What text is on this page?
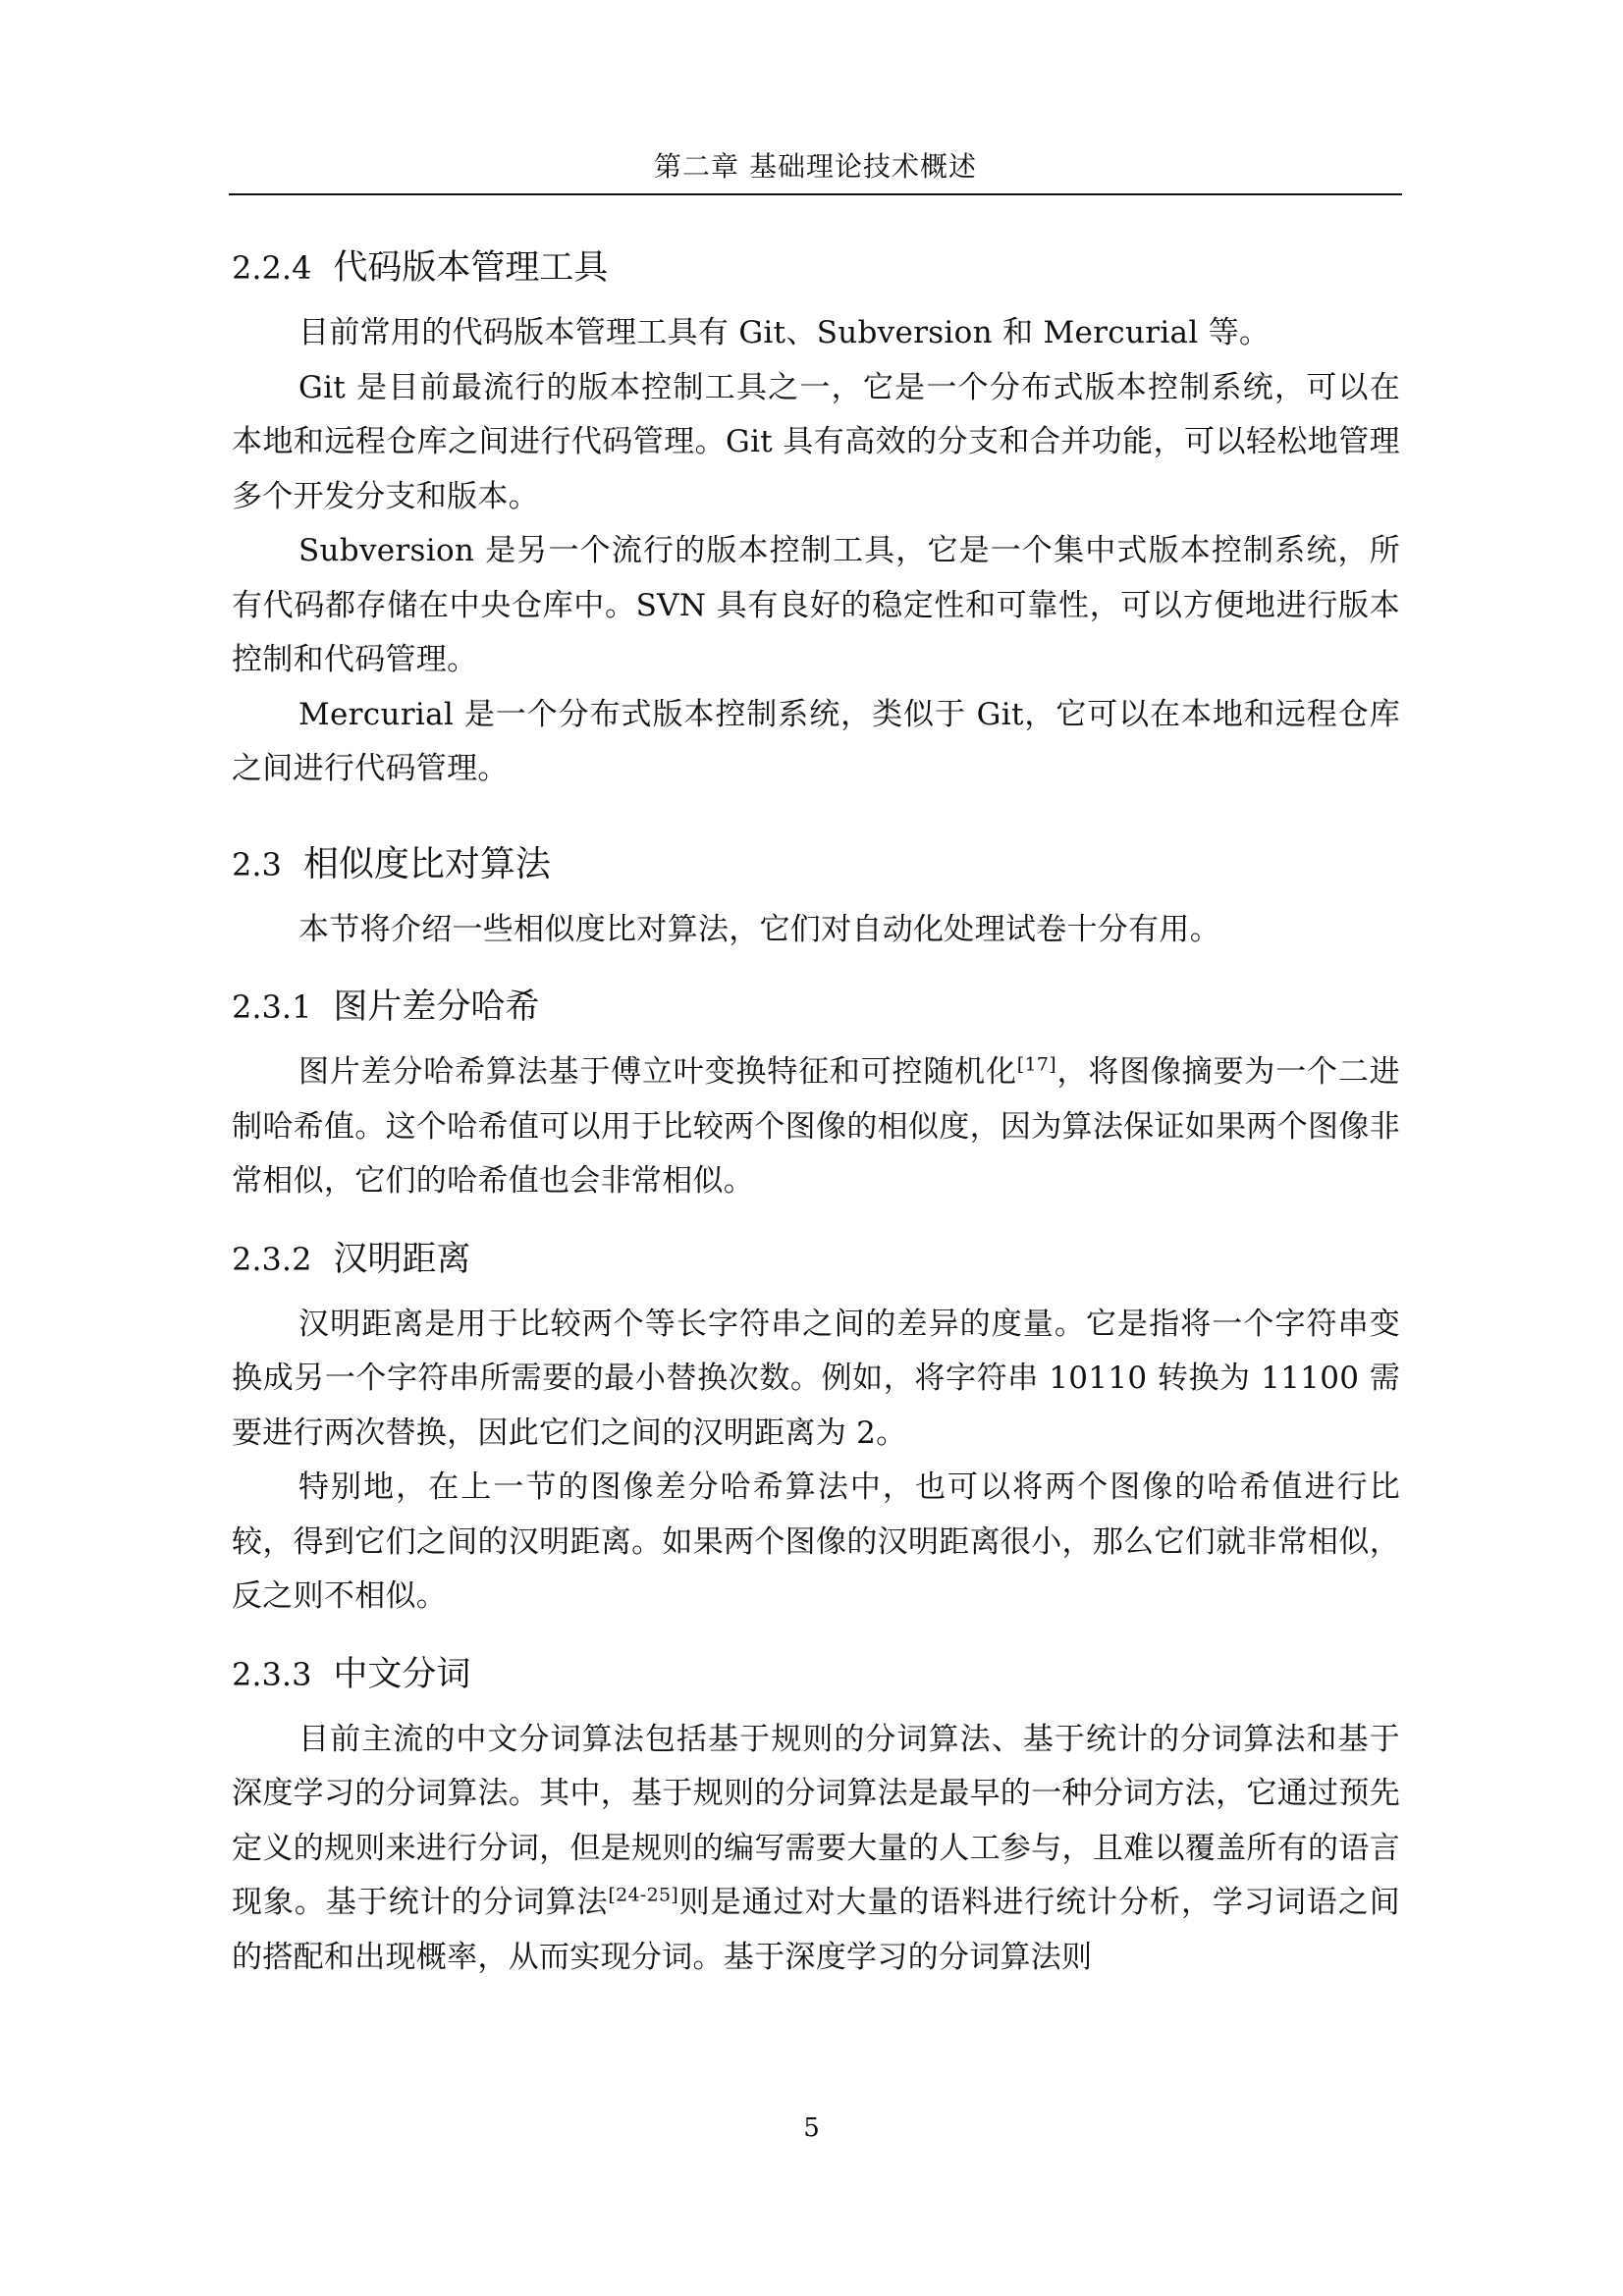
第二章 基础理论技术概述
2.2.4 代码版本管理工具

目前常用的代码版本管理工具有 Git、Subversion 和 Mercurial 等。

Git 是目前最流行的版本控制工具之一，它是一个分布式版本控制系统，可以在本地和远程仓库之间进行代码管理。Git 具有高效的分支和合并功能，可以轻松地管理多个开发分支和版本。

Subversion 是另一个流行的版本控制工具，它是一个集中式版本控制系统，所有代码都存储在中央仓库中。SVN 具有良好的稳定性和可靠性，可以方便地进行版本控制和代码管理。

Mercurial 是一个分布式版本控制系统，类似于 Git，它可以在本地和远程仓库之间进行代码管理。

2.3 相似度比对算法

本节将介绍一些相似度比对算法，它们对自动化处理试卷十分有用。

2.3.1 图片差分哈希

图片差分哈希算法基于傅立叶变换特征和可控随机化[17]，将图像摘要为一个二进制哈希值。这个哈希值可以用于比较两个图像的相似度，因为算法保证如果两个图像非常相似，它们的哈希值也会非常相似。

2.3.2 汉明距离

汉明距离是用于比较两个等长字符串之间的差异的度量。它是指将一个字符串变换成另一个字符串所需要的最小替换次数。例如，将字符串 10110 转换为 11100 需要进行两次替换，因此它们之间的汉明距离为 2。

特别地，在上一节的图像差分哈希算法中，也可以将两个图像的哈希值进行比较，得到它们之间的汉明距离。如果两个图像的汉明距离很小，那么它们就非常相似，反之则不相似。

2.3.3 中文分词

目前主流的中文分词算法包括基于规则的分词算法、基于统计的分词算法和基于深度学习的分词算法。其中，基于规则的分词算法是最早的一种分词方法，它通过预先定义的规则来进行分词，但是规则的编写需要大量的人工参与，且难以覆盖所有的语言现象。基于统计的分词算法[24-25]则是通过对大量的语料进行统计分析，学习词语之间的搭配和出现概率，从而实现分词。基于深度学习的分词算法则

5
